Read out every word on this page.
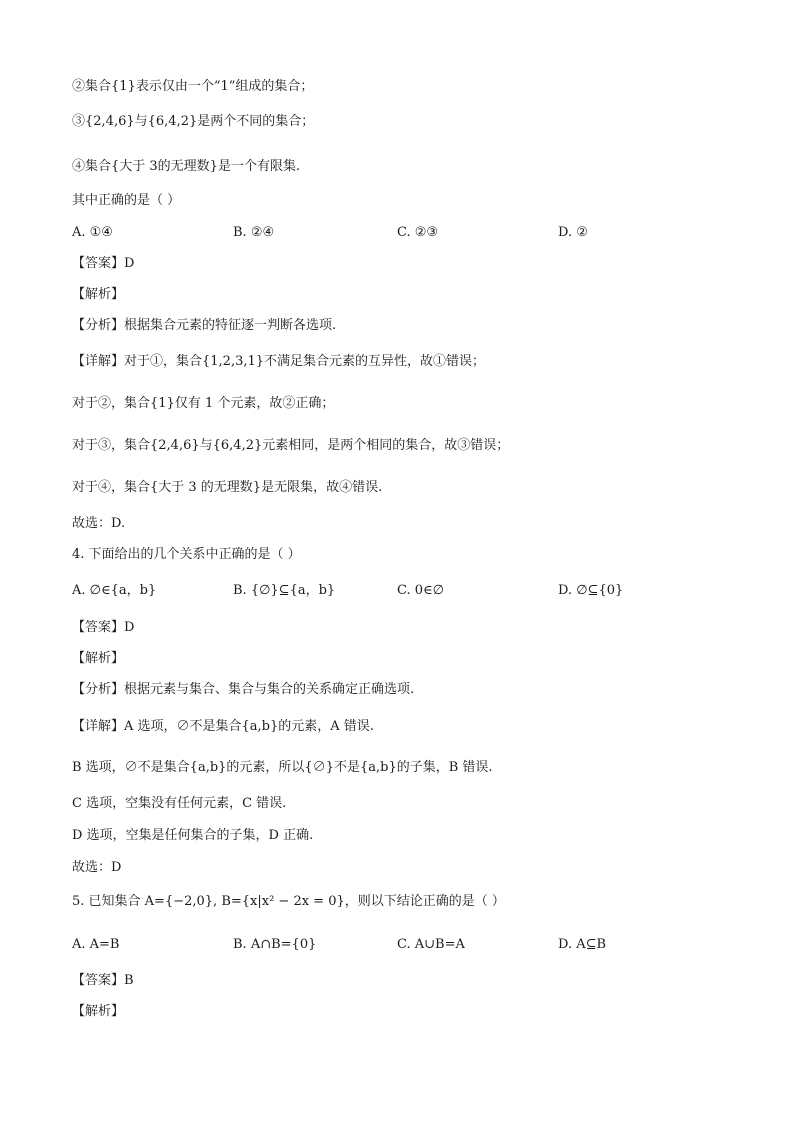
②集合{1}表示仅由一个“1”组成的集合；
③{2,4,6}与{6,4,2}是两个不同的集合；
④集合{大于 3的无理数}是一个有限集.
其中正确的是（ ）
A. ①④	B. ②④	C. ②③	D. ②
【答案】D
【解析】
【分析】根据集合元素的特征逐一判断各选项.
【详解】对于①，集合{1,2,3,1}不满足集合元素的互异性，故①错误；
对于②，集合{1}仅有 1 个元素，故②正确；
对于③，集合{2,4,6}与{6,4,2}元素相同，是两个相同的集合，故③错误；
对于④，集合{大于 3 的无理数}是无限集，故④错误.
故选：D.
4. 下面给出的几个关系中正确的是（ ）
A. ∅∈{a，b}	B. {∅}⊆{a，b}	C. 0∈∅	D. ∅⊆{0}
【答案】D
【解析】
【分析】根据元素与集合、集合与集合的关系确定正确选项.
【详解】A 选项，∅不是集合{a,b}的元素，A 错误.
B 选项，∅不是集合{a,b}的元素，所以{∅}不是{a,b}的子集，B 错误.
C 选项，空集没有任何元素，C 错误.
D 选项，空集是任何集合的子集，D 正确.
故选：D
5. 已知集合 A={−2,0}, B={x|x² − 2x = 0}，则以下结论正确的是（ ）
A. A=B	B. A∩B={0}	C. A∪B=A	D. A⊆B
【答案】B
【解析】
